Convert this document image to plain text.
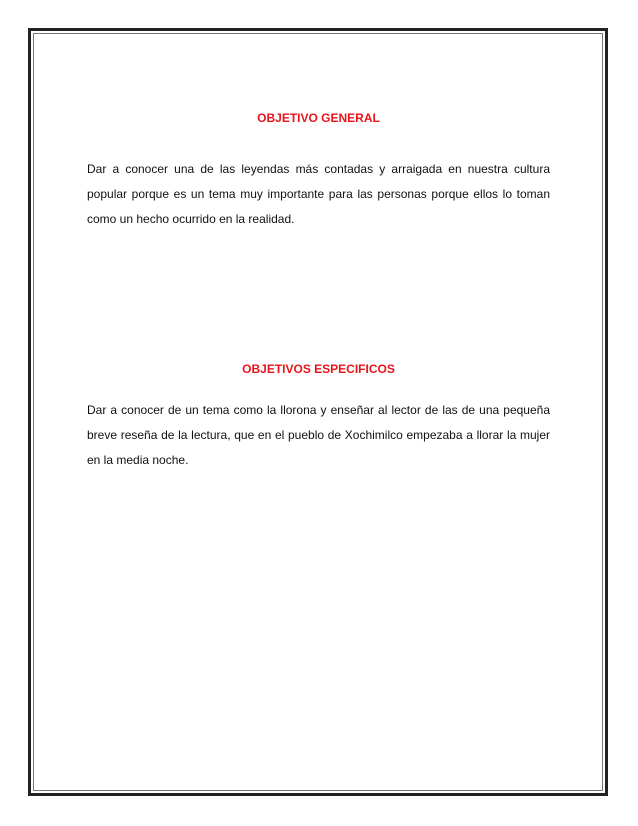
OBJETIVO GENERAL

Dar a conocer una de las leyendas más contadas y arraigada en nuestra cultura popular porque es un tema muy importante para las personas porque ellos lo toman como un hecho ocurrido en la realidad.

OBJETIVOS ESPECIFICOS

Dar a conocer de un tema como la llorona y enseñar al lector de las de una pequeña breve reseña de la lectura, que en el pueblo de Xochimilco empezaba a llorar la mujer en la media noche.
